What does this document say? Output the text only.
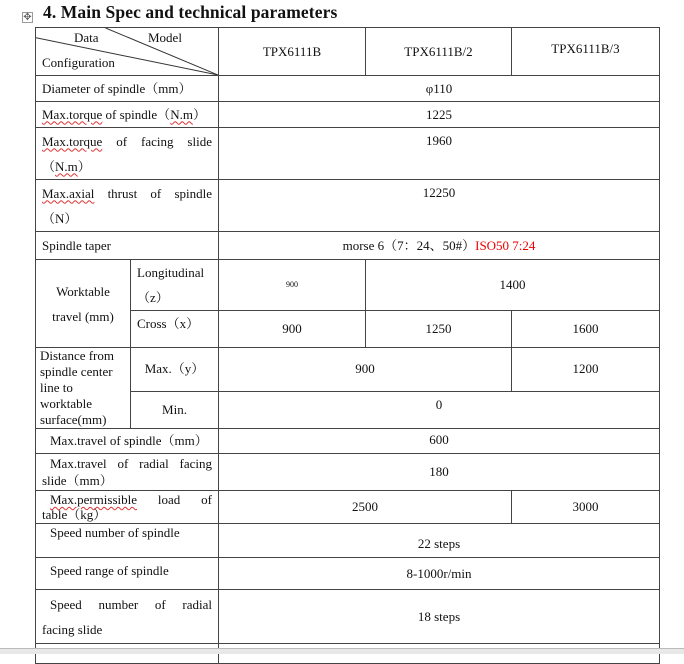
✥ 4. Main Spec and technical parameters
Data Model
Configuration		TPX6111B	TPX6111B/2	TPX6111B/3
Diameter of spindle（mm）		φ110		
Max.torque of spindle（N.m）		1225		

Max.torque of facing slide
（N.m）		1960		

Max.axial thrust of spindle
（N）		12250		
Spindle taper		morse 6（7：24、50#）ISO50 7:24		
Worktable travel (mm)	Longitudinal （z）	900	1400	
	Cross（x）	900	1250	1600
Distance from spindle center line to worktable surface(mm)	Max.（y）	900		1200
	Min.	0		
Max.travel of spindle（mm）		600		

Max.travel of radial facing
slide（mm）		180		

Max.permissible load of
table（kg）		2500		3000
Speed number of spindle		22 steps		
Speed range of spindle		8-1000r/min		

Speed number of radial
facing slide		18 steps		
